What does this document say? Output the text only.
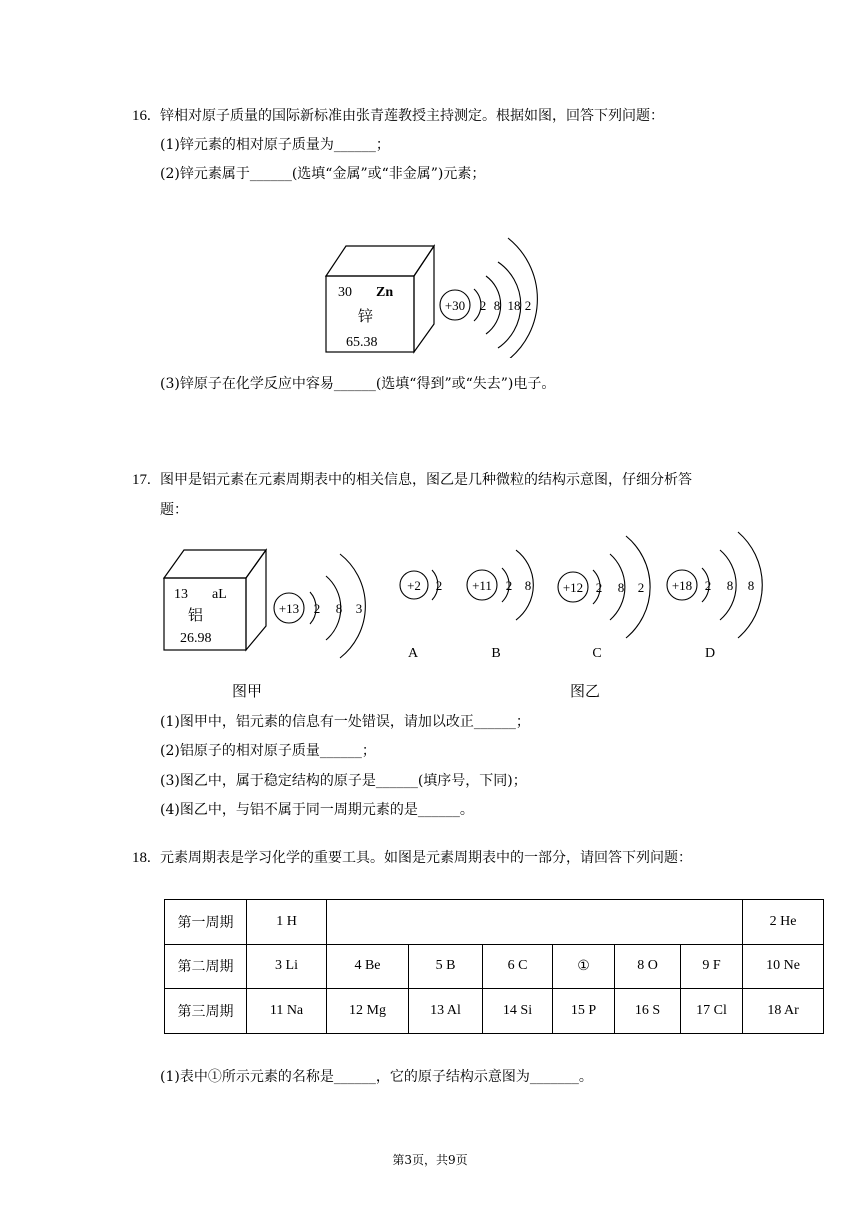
16. 锌相对原子质量的国际新标准由张青莲教授主持测定。根据如图，回答下列问题：
(1)锌元素的相对原子质量为______；
(2)锌元素属于______(选填“金属”或“非金属”)元素；
30 Zn
锌
65.38
+30 2 8 18 2
(3)锌原子在化学反应中容易______(选填“得到”或“失去”)电子。
17. 图甲是铝元素在元素周期表中的相关信息，图乙是几种微粒的结构示意图，仔细分析答
题：
13 aL
铝
26.98
+13 2 8 3
+2 2
A
+11 2 8
B
+12 2 8 2
C
+18 2 8 8
D
图甲	图乙
(1)图甲中，铝元素的信息有一处错误，请加以改正______；
(2)铝原子的相对原子质量______；
(3)图乙中，属于稳定结构的原子是______(填序号，下同)；
(4)图乙中，与铝不属于同一周期元素的是______。
18. 元素周期表是学习化学的重要工具。如图是元素周期表中的一部分，请回答下列问题：
第一周期	1 H							2 He
第二周期	3 Li	4 Be	5 B	6 C	①	8 O	9 F	10 Ne
第三周期	11 Na	12 Mg	13 Al	14 Si	15 P	16 S	17 Cl	18 Ar
(1)表中①所示元素的名称是______，它的原子结构示意图为_______。
第3页，共9页
